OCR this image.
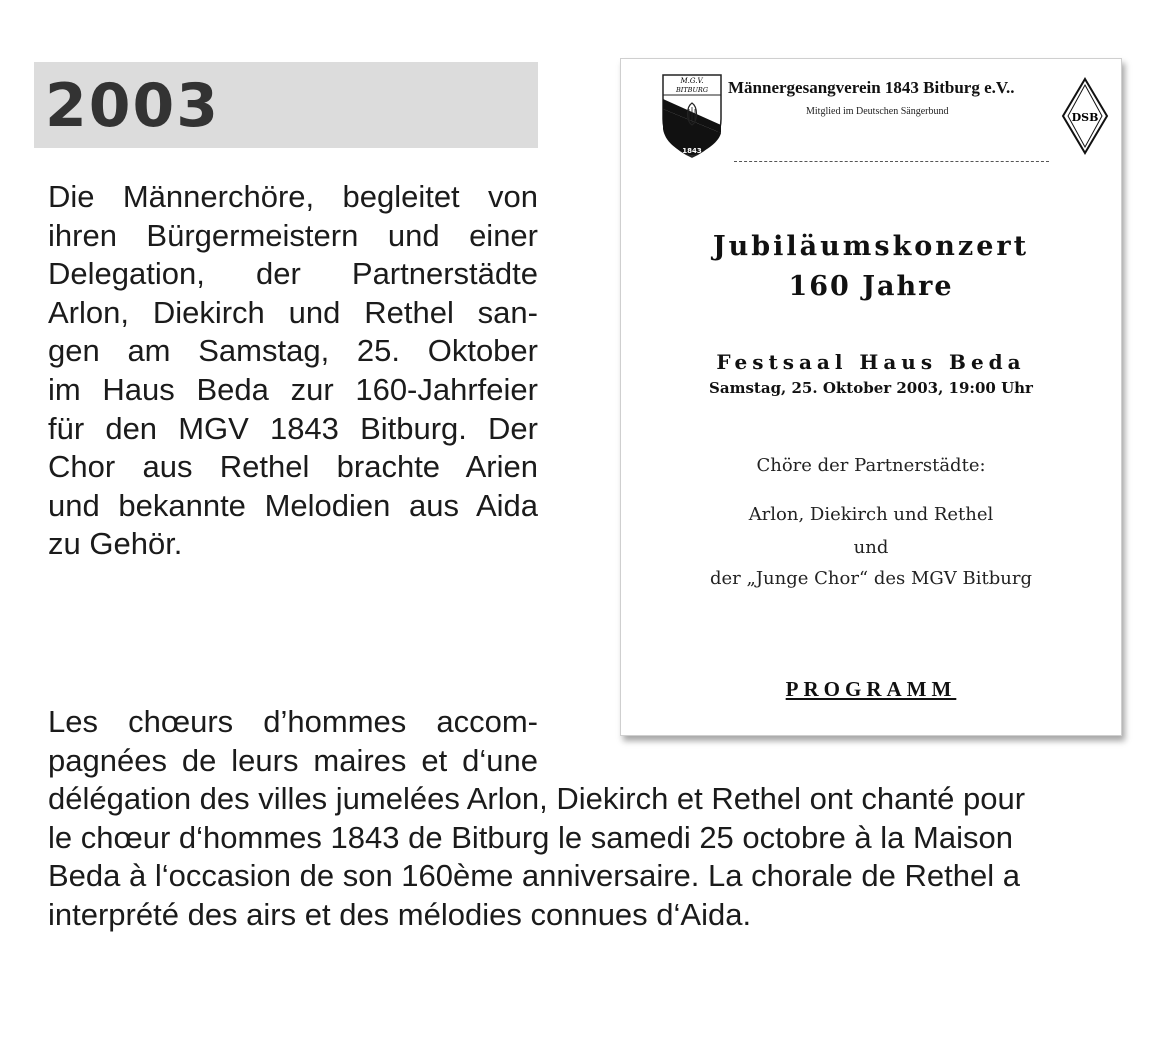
2003
Die Männerchöre, begleitet von
ihren Bürgermeistern und einer
Delegation, der Partnerstädte
Arlon, Diekirch und Rethel san-
gen am Samstag, 25. Oktober
im Haus Beda zur 160-Jahrfeier
für den MGV 1843 Bitburg. Der
Chor aus Rethel brachte Arien
und bekannte Melodien aus Aida
zu Gehör.
Les chœurs d’hommes accom-
pagnées de leurs maires et d‘une
délégation des villes jumelées Arlon, Diekirch et Rethel ont chanté pour
le chœur d‘hommes 1843 de Bitburg le samedi 25 octobre à la Maison
Beda à l‘occasion de son 160ème anniversaire. La chorale de Rethel a
interprété des airs et des mélodies connues d‘Aida.
M.G.V.
BITBURG
1843
Männergesangverein 1843 Bitburg e.V..
Mitglied im Deutschen Sängerbund	DSB
Jubiläumskonzert
160 Jahre
Festsaal Haus Beda
Samstag, 25. Oktober 2003, 19:00 Uhr
Chöre der Partnerstädte:
Arlon, Diekirch und Rethel
und
der „Junge Chor“ des MGV Bitburg
PROGRAMM
